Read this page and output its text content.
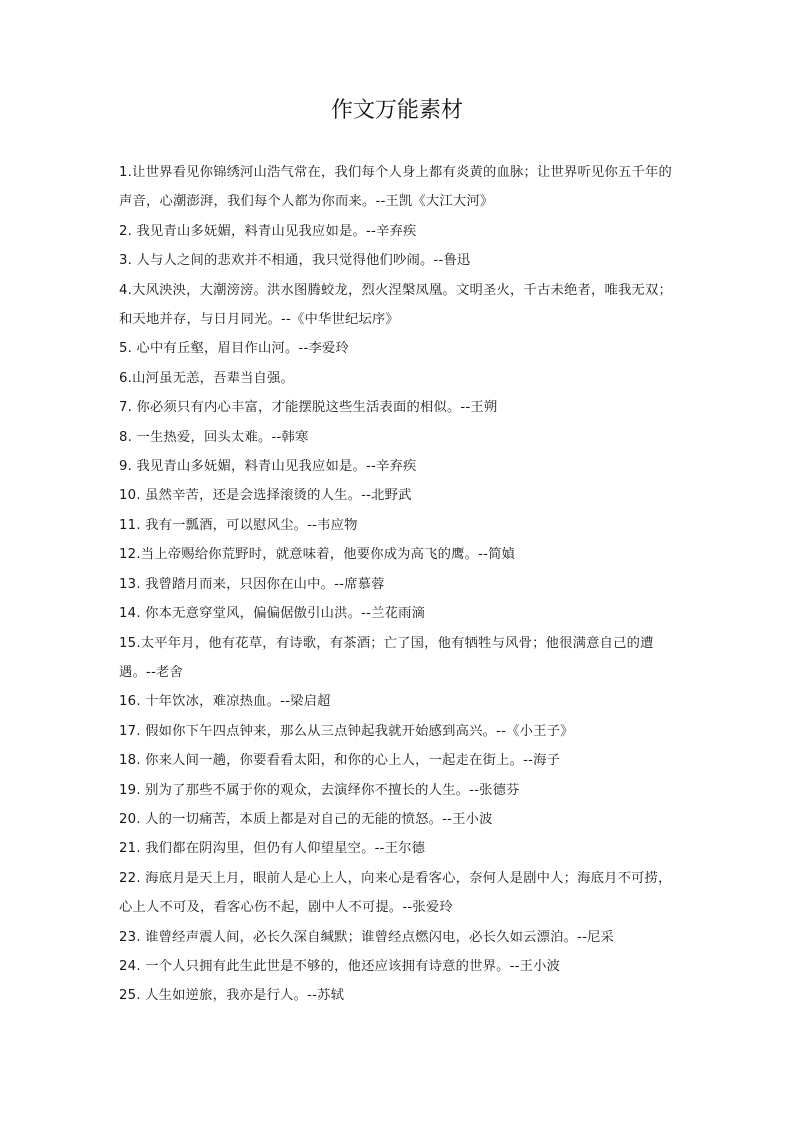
作文万能素材
1.让世界看见你锦绣河山浩气常在，我们每个人身上都有炎黄的血脉；让世界听见你五千年的声音，心潮澎湃，我们每个人都为你而来。--王凯《大江大河》
2. 我见青山多妩媚，料青山见我应如是。--辛弃疾
3. 人与人之间的悲欢并不相通，我只觉得他们吵闹。--鲁迅
4.大风泱泱，大潮滂滂。洪水图腾蛟龙，烈火涅槃凤凰。文明圣火，千古未绝者，唯我无双；和天地并存，与日月同光。--《中华世纪坛序》
5. 心中有丘壑，眉目作山河。--李爱玲
6.山河虽无恙，吾辈当自强。
7. 你必须只有内心丰富，才能摆脱这些生活表面的相似。--王朔
8. 一生热爱，回头太难。--韩寒
9. 我见青山多妩媚，料青山见我应如是。--辛弃疾
10. 虽然辛苦，还是会选择滚烫的人生。--北野武
11. 我有一瓢酒，可以慰风尘。--韦应物
12.当上帝赐给你荒野时，就意味着，他要你成为高飞的鹰。--简媜
13. 我曾踏月而来，只因你在山中。--席慕蓉
14. 你本无意穿堂风，偏偏倨傲引山洪。--兰花雨滴
15.太平年月，他有花草，有诗歌，有茶酒；亡了国，他有牺牲与风骨；他很满意自己的遭遇。--老舍
16. 十年饮冰，难凉热血。--梁启超
17. 假如你下午四点钟来，那么从三点钟起我就开始感到高兴。--《小王子》
18. 你来人间一趟，你要看看太阳，和你的心上人，一起走在街上。--海子
19. 别为了那些不属于你的观众，去演绎你不擅长的人生。--张德芬
20. 人的一切痛苦，本质上都是对自己的无能的愤怒。--王小波
21. 我们都在阴沟里，但仍有人仰望星空。--王尔德
22. 海底月是天上月，眼前人是心上人，向来心是看客心，奈何人是剧中人；海底月不可捞，心上人不可及，看客心伤不起，剧中人不可提。--张爱玲
23. 谁曾经声震人间，必长久深自缄默；谁曾经点燃闪电，必长久如云漂泊。--尼采
24. 一个人只拥有此生此世是不够的，他还应该拥有诗意的世界。--王小波
25. 人生如逆旅，我亦是行人。--苏轼
